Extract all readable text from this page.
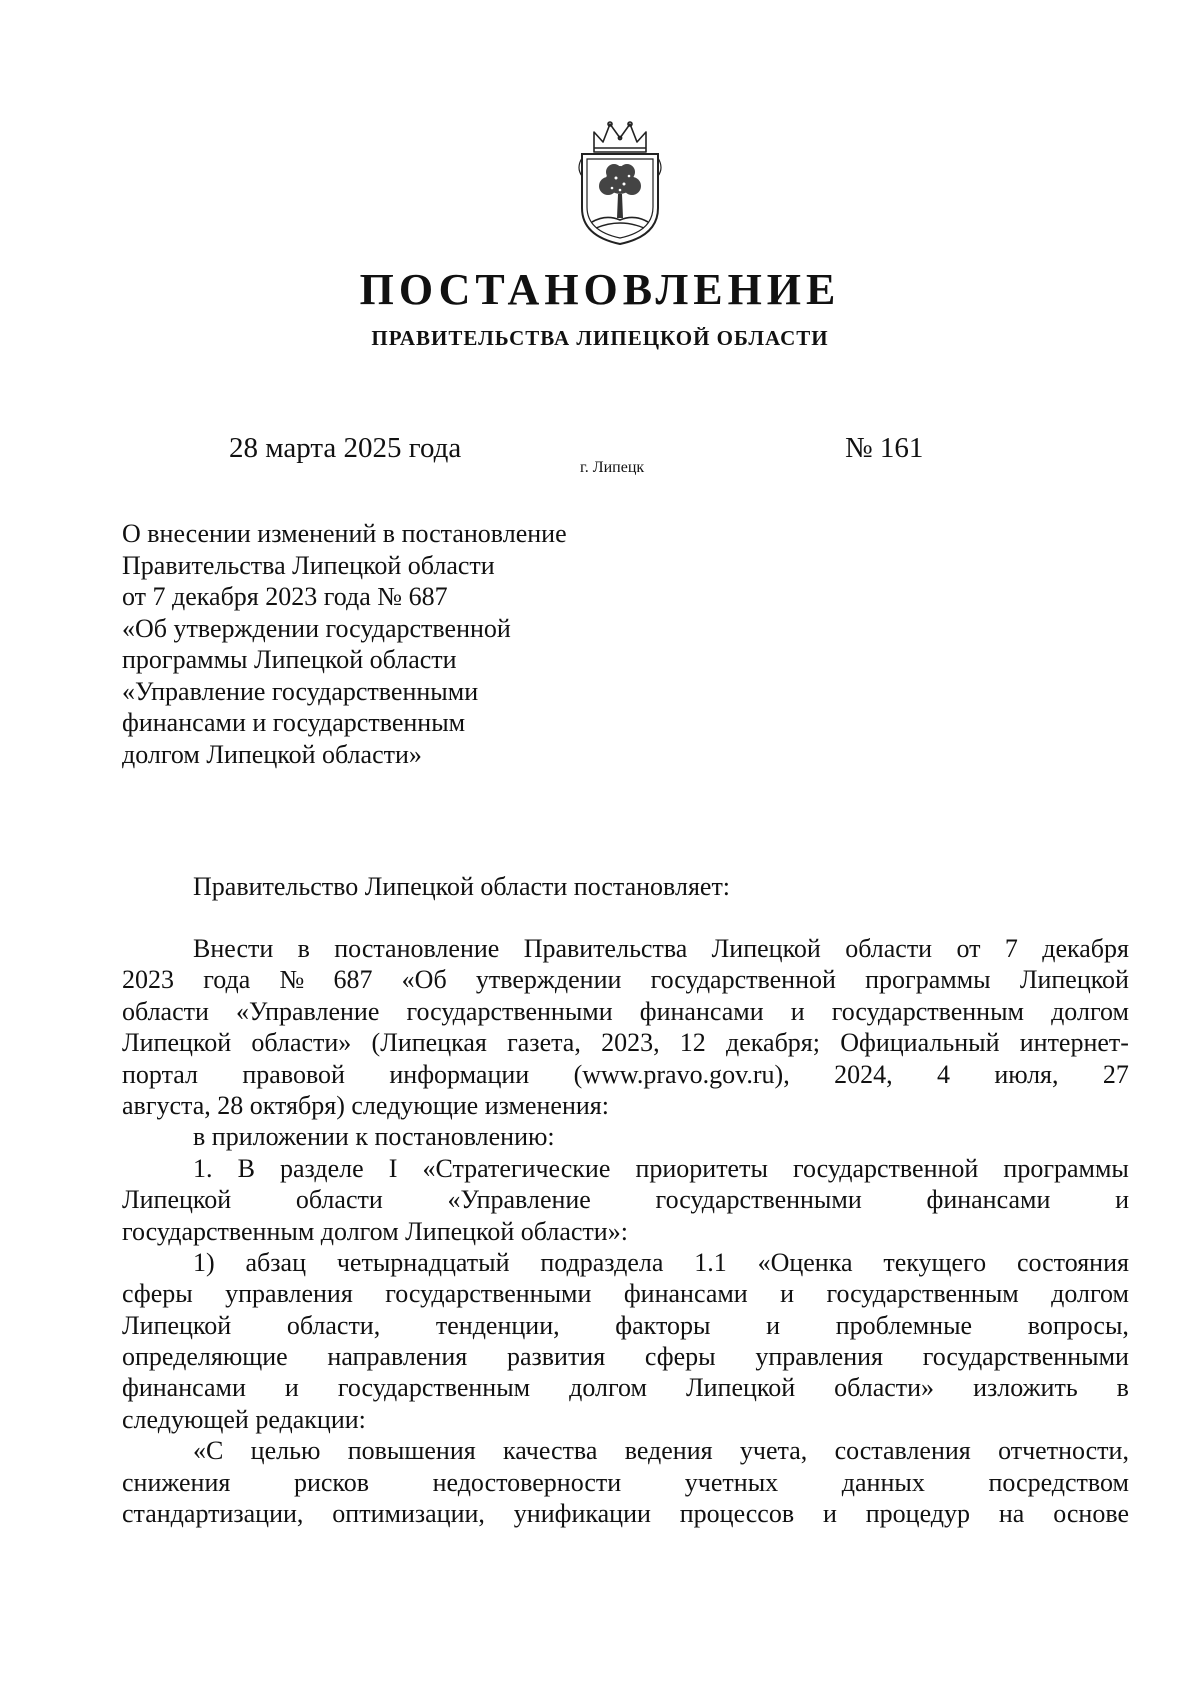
ПОСТАНОВЛЕНИЕ
ПРАВИТЕЛЬСТВА ЛИПЕЦКОЙ ОБЛАСТИ
28 марта 2025 года
г. Липецк
№ 161
О внесении изменений в постановление
Правительства Липецкой области
от 7 декабря 2023 года № 687
«Об утверждении государственной
программы Липецкой области
«Управление государственными
финансами и государственным
долгом Липецкой области»
Правительство Липецкой области постановляет:
Внести в постановление Правительства Липецкой области от 7 декабря
2023 года № 687 «Об утверждении государственной программы Липецкой
области «Управление государственными финансами и государственным долгом
Липецкой области» (Липецкая газета, 2023, 12 декабря; Официальный интернет-
портал правовой информации (www.pravo.gov.ru), 2024, 4 июля, 27
августа, 28 октября) следующие изменения:
в приложении к постановлению:
1. В разделе I «Стратегические приоритеты государственной программы
Липецкой области «Управление государственными финансами и
государственным долгом Липецкой области»:
1) абзац четырнадцатый подраздела 1.1 «Оценка текущего состояния
сферы управления государственными финансами и государственным долгом
Липецкой области, тенденции, факторы и проблемные вопросы,
определяющие направления развития сферы управления государственными
финансами и государственным долгом Липецкой области» изложить в
следующей редакции:
«С целью повышения качества ведения учета, составления отчетности,
снижения рисков недостоверности учетных данных посредством
стандартизации, оптимизации, унификации процессов и процедур на основе
